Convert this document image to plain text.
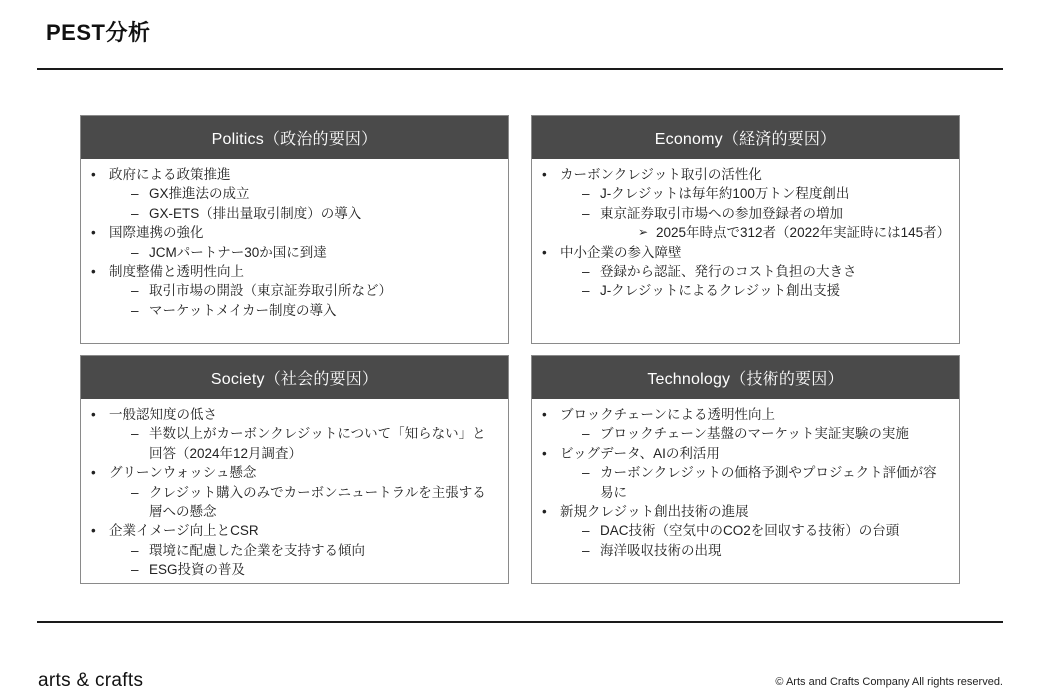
PEST分析
Politics（政治的要因）
• 政府による政策推進
– GX推進法の成立
– GX-ETS（排出量取引制度）の導入
• 国際連携の強化
– JCMパートナー30か国に到達
• 制度整備と透明性向上
– 取引市場の開設（東京証券取引所など）
– マーケットメイカー制度の導入
Economy（経済的要因）
• カーボンクレジット取引の活性化
– J-クレジットは毎年約100万トン程度創出
– 東京証券取引市場への参加登録者の増加
➢ 2025年時点で312者（2022年実証時には145者）
• 中小企業の参入障壁
– 登録から認証、発行のコスト負担の大きさ
– J-クレジットによるクレジット創出支援
Society（社会的要因）
• 一般認知度の低さ
– 半数以上がカーボンクレジットについて「知らない」と回答（2024年12月調査）
• グリーンウォッシュ懸念
– クレジット購入のみでカーボンニュートラルを主張する層への懸念
• 企業イメージ向上とCSR
– 環境に配慮した企業を支持する傾向
– ESG投資の普及
Technology（技術的要因）
• ブロックチェーンによる透明性向上
– ブロックチェーン基盤のマーケット実証実験の実施
• ビッグデータ、AIの利活用
– カーボンクレジットの価格予測やプロジェクト評価が容易に
• 新規クレジット創出技術の進展
– DAC技術（空気中のCO2を回収する技術）の台頭
– 海洋吸収技術の出現
arts & crafts	© Arts and Crafts Company All rights reserved.
